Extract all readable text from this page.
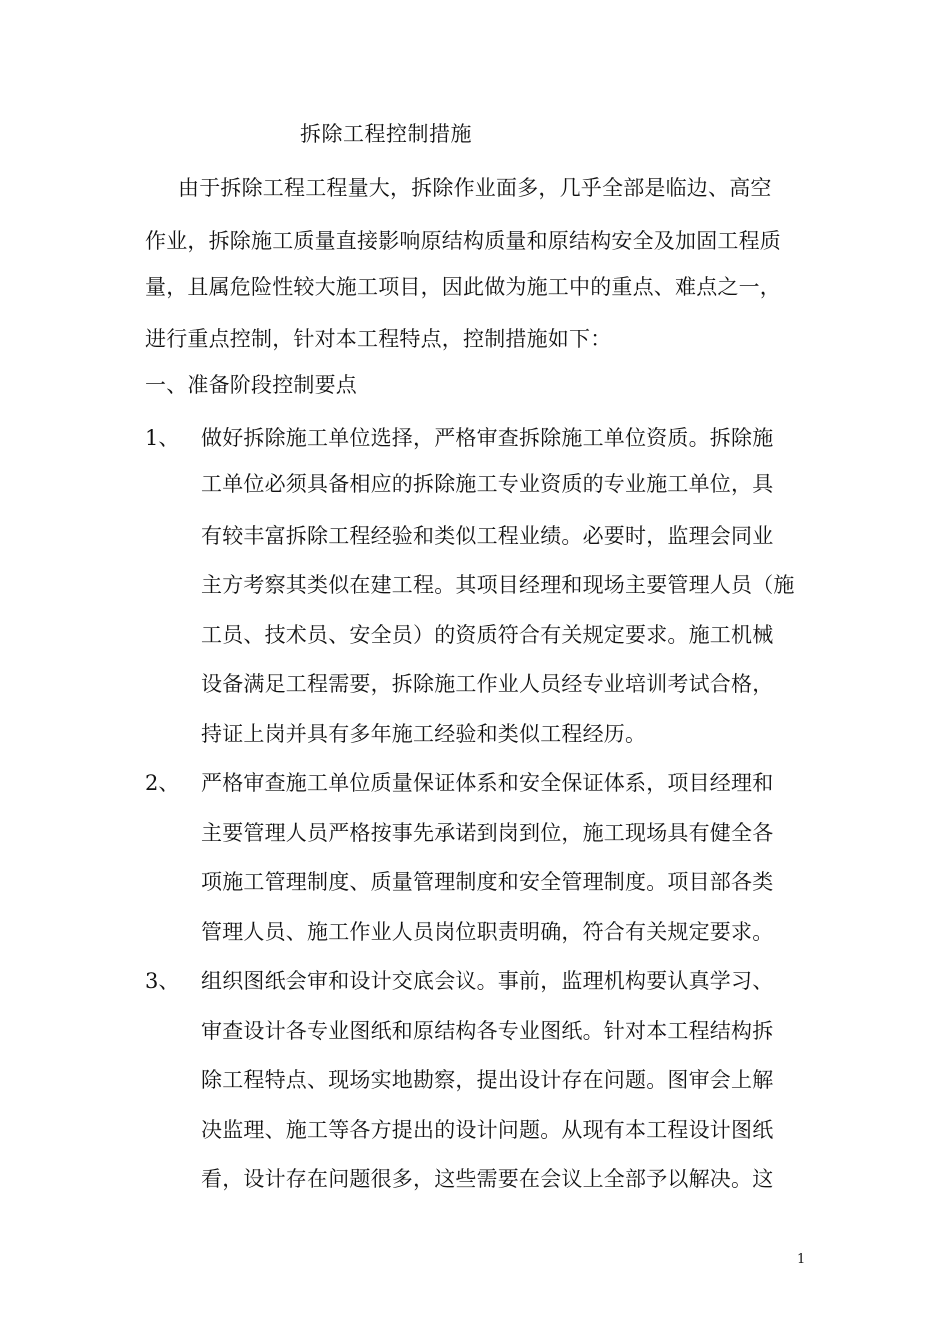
拆除工程控制措施
由于拆除工程工程量大，拆除作业面多，几乎全部是临边、高空
作业，拆除施工质量直接影响原结构质量和原结构安全及加固工程质
量，且属危险性较大施工项目，因此做为施工中的重点、难点之一，
进行重点控制，针对本工程特点，控制措施如下：
一、准备阶段控制要点
1、 做好拆除施工单位选择，严格审查拆除施工单位资质。拆除施
工单位必须具备相应的拆除施工专业资质的专业施工单位，具
有较丰富拆除工程经验和类似工程业绩。必要时，监理会同业
主方考察其类似在建工程。其项目经理和现场主要管理人员（施
工员、技术员、安全员）的资质符合有关规定要求。施工机械
设备满足工程需要，拆除施工作业人员经专业培训考试合格，
持证上岗并具有多年施工经验和类似工程经历。
2、 严格审查施工单位质量保证体系和安全保证体系，项目经理和
主要管理人员严格按事先承诺到岗到位，施工现场具有健全各
项施工管理制度、质量管理制度和安全管理制度。项目部各类
管理人员、施工作业人员岗位职责明确，符合有关规定要求。
3、 组织图纸会审和设计交底会议。事前，监理机构要认真学习、
审查设计各专业图纸和原结构各专业图纸。针对本工程结构拆
除工程特点、现场实地勘察，提出设计存在问题。图审会上解
决监理、施工等各方提出的设计问题。从现有本工程设计图纸
看，设计存在问题很多，这些需要在会议上全部予以解决。这
1
